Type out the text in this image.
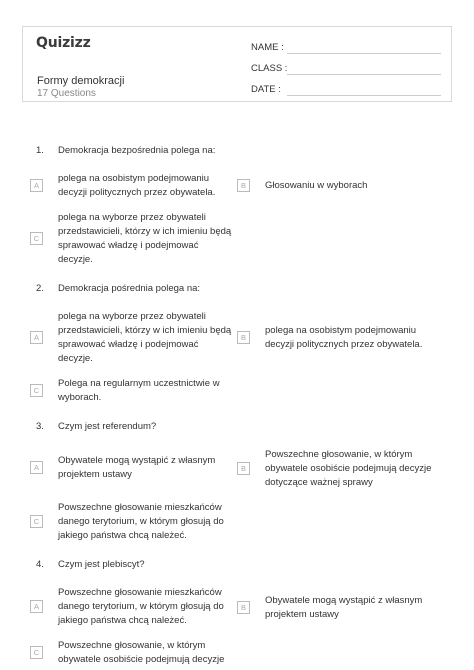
Quizizz
Formy demokracji
17 Questions
NAME :
CLASS :
DATE :
1. Demokracja bezpośrednia polega na:
A
polega na osobistym podejmowaniu
decyzji politycznych przez obywatela.
B	Głosowaniu w wyborach
C
polega na wyborze przez obywateli
przedstawicieli, którzy w ich imieniu będą
sprawować władzę i podejmować
decyzje.
2. Demokracja pośrednia polega na:
A
polega na wyborze przez obywateli
przedstawicieli, którzy w ich imieniu będą
sprawować władzę i podejmować
decyzje.
B
polega na osobistym podejmowaniu
decyzji politycznych przez obywatela.
C
Polega na regularnym uczestnictwie w
wyborach.
3. Czym jest referendum?
A
Obywatele mogą wystąpić z własnym
projektem ustawy
B
Powszechne głosowanie, w którym
obywatele osobiście podejmują decyzje
dotyczące ważnej sprawy
C
Powszechne głosowanie mieszkańców
danego terytorium, w którym głosują do
jakiego państwa chcą należeć.
4. Czym jest plebiscyt?
A
Powszechne głosowanie mieszkańców
danego terytorium, w którym głosują do
jakiego państwa chcą należeć.
B
Obywatele mogą wystąpić z własnym
projektem ustawy
C
Powszechne głosowanie, w którym
obywatele osobiście podejmują decyzje
